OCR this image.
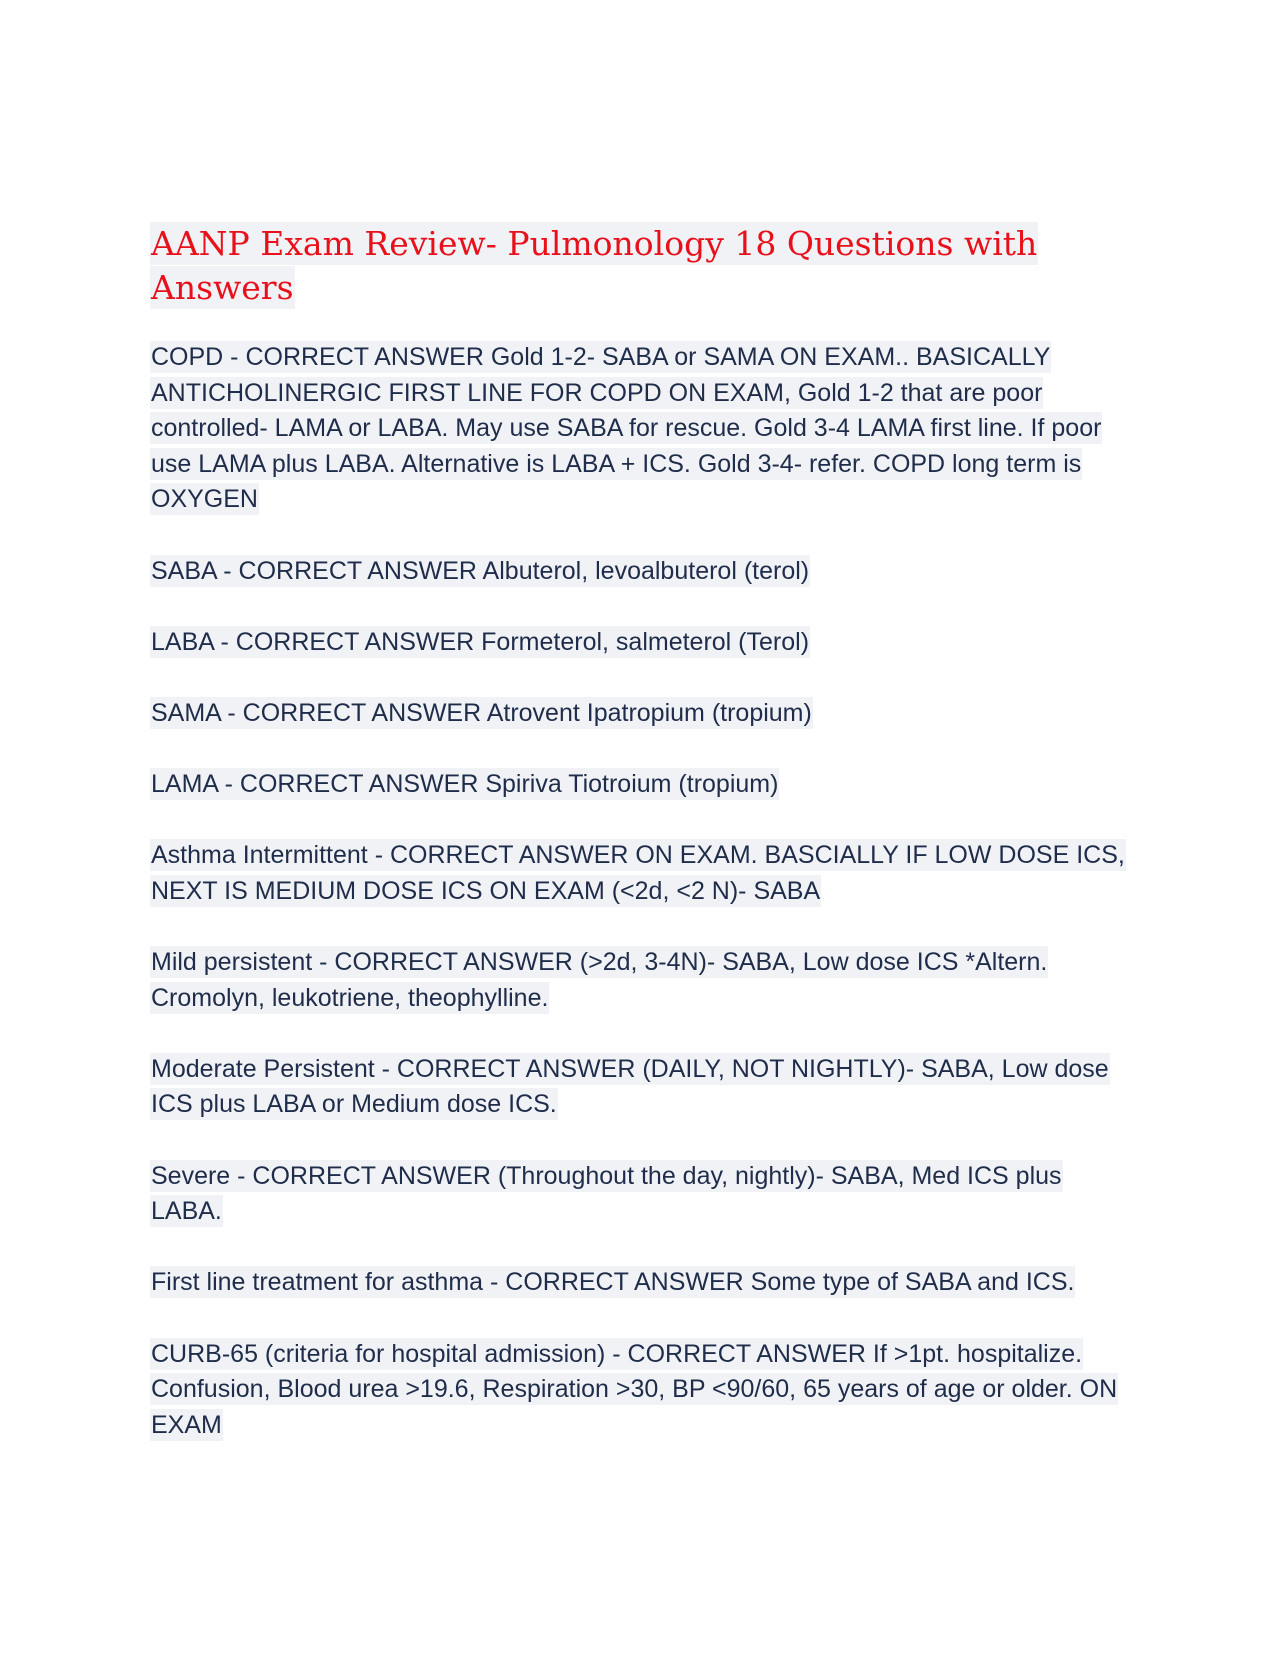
AANP Exam Review- Pulmonology 18 Questions with Answers

COPD - CORRECT ANSWER Gold 1-2- SABA or SAMA ON EXAM.. BASICALLY ANTICHOLINERGIC FIRST LINE FOR COPD ON EXAM, Gold 1-2 that are poor controlled- LAMA or LABA. May use SABA for rescue. Gold 3-4 LAMA first line. If poor use LAMA plus LABA. Alternative is LABA + ICS. Gold 3-4- refer. COPD long term is OXYGEN

SABA - CORRECT ANSWER Albuterol, levoalbuterol (terol)

LABA - CORRECT ANSWER Formeterol, salmeterol (Terol)

SAMA - CORRECT ANSWER Atrovent Ipatropium (tropium)

LAMA - CORRECT ANSWER Spiriva Tiotroium (tropium)

Asthma Intermittent - CORRECT ANSWER ON EXAM. BASCIALLY IF LOW DOSE ICS, NEXT IS MEDIUM DOSE ICS ON EXAM (<2d, <2 N)- SABA

Mild persistent - CORRECT ANSWER (>2d, 3-4N)- SABA, Low dose ICS *Altern. Cromolyn, leukotriene, theophylline.

Moderate Persistent - CORRECT ANSWER (DAILY, NOT NIGHTLY)- SABA, Low dose ICS plus LABA or Medium dose ICS.

Severe - CORRECT ANSWER (Throughout the day, nightly)- SABA, Med ICS plus LABA.

First line treatment for asthma - CORRECT ANSWER Some type of SABA and ICS.

CURB-65 (criteria for hospital admission) - CORRECT ANSWER If >1pt. hospitalize. Confusion, Blood urea >19.6, Respiration >30, BP <90/60, 65 years of age or older. ON EXAM
